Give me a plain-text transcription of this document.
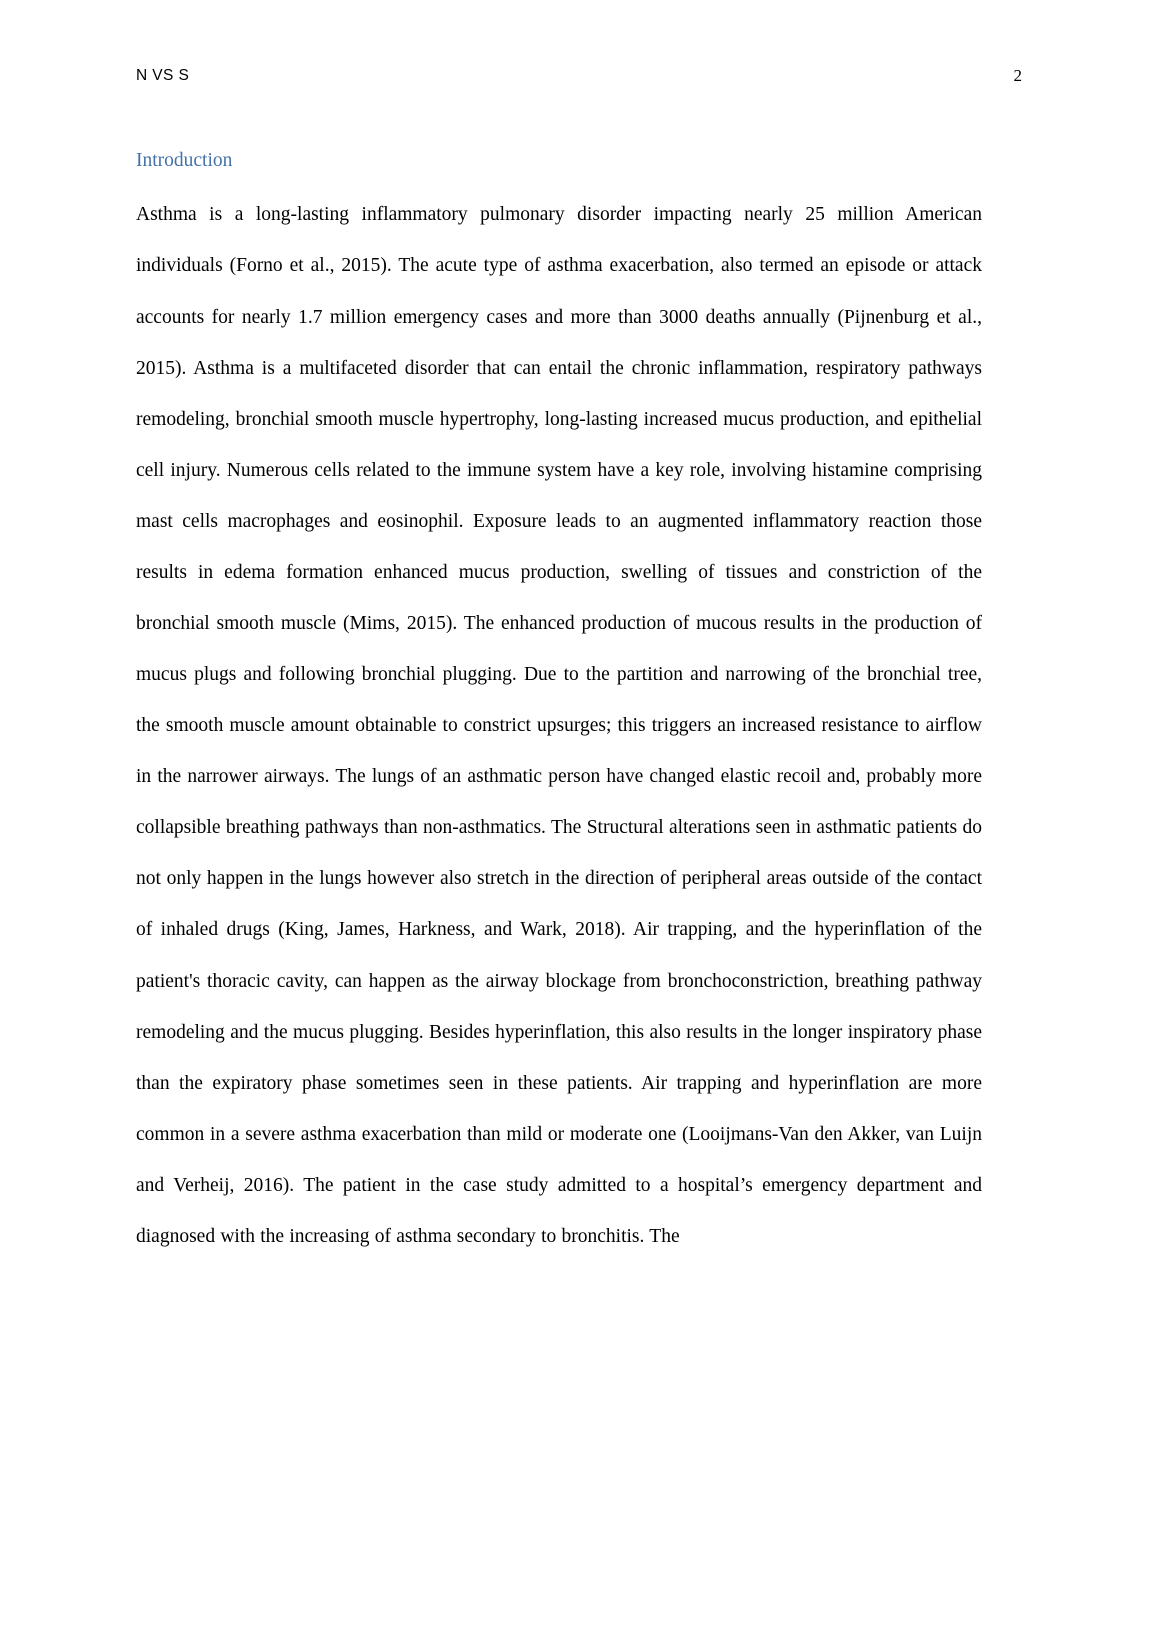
N VS S	2
Introduction

Asthma is a long-lasting inflammatory pulmonary disorder impacting nearly 25 million American individuals (Forno et al., 2015). The acute type of asthma exacerbation, also termed an episode or attack accounts for nearly 1.7 million emergency cases and more than 3000 deaths annually (Pijnenburg et al., 2015). Asthma is a multifaceted disorder that can entail the chronic inflammation, respiratory pathways remodeling, bronchial smooth muscle hypertrophy, long-lasting increased mucus production, and epithelial cell injury. Numerous cells related to the immune system have a key role, involving histamine comprising mast cells macrophages and eosinophil. Exposure leads to an augmented inflammatory reaction those results in edema formation enhanced mucus production, swelling of tissues and constriction of the bronchial smooth muscle (Mims, 2015). The enhanced production of mucous results in the production of mucus plugs and following bronchial plugging. Due to the partition and narrowing of the bronchial tree, the smooth muscle amount obtainable to constrict upsurges; this triggers an increased resistance to airflow in the narrower airways. The lungs of an asthmatic person have changed elastic recoil and, probably more collapsible breathing pathways than non-asthmatics. The Structural alterations seen in asthmatic patients do not only happen in the lungs however also stretch in the direction of peripheral areas outside of the contact of inhaled drugs (King, James, Harkness, and Wark, 2018). Air trapping, and the hyperinflation of the patient's thoracic cavity, can happen as the airway blockage from bronchoconstriction, breathing pathway remodeling and the mucus plugging. Besides hyperinflation, this also results in the longer inspiratory phase than the expiratory phase sometimes seen in these patients. Air trapping and hyperinflation are more common in a severe asthma exacerbation than mild or moderate one (Looijmans-Van den Akker, van Luijn and Verheij, 2016). The patient in the case study admitted to a hospital’s emergency department and diagnosed with the increasing of asthma secondary to bronchitis. The
